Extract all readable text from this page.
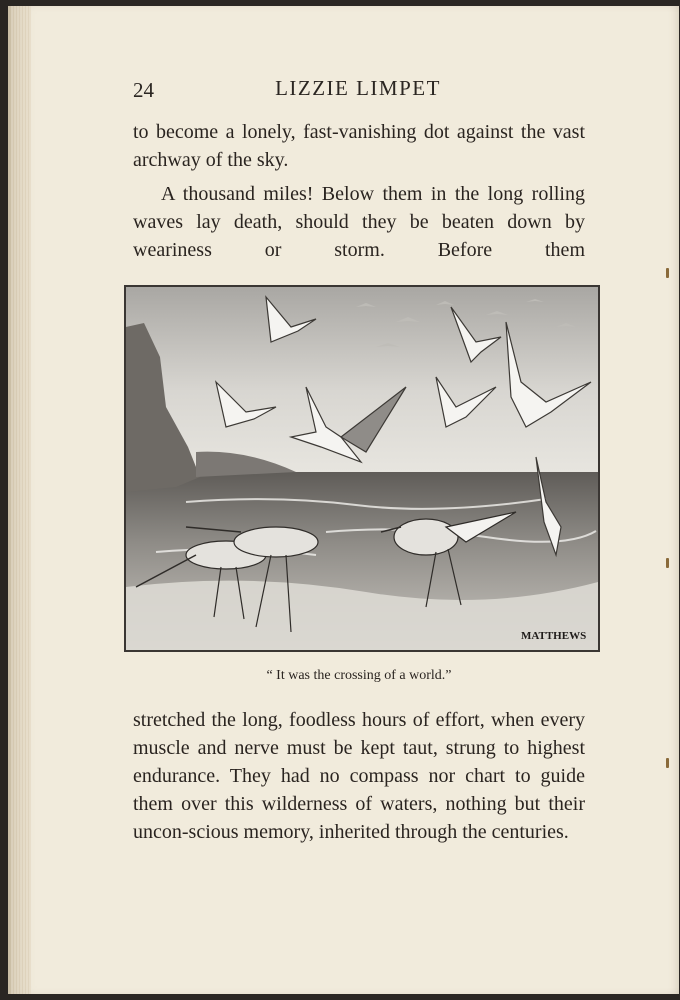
24	LIZZIE LIMPET

to become a lonely, fast-vanishing dot against the vast archway of the sky.

A thousand miles! Below them in the long rolling waves lay death, should they be beaten down by weariness or storm. Before them

MATTHEWS
“ It was the crossing of a world.”

stretched the long, foodless hours of effort, when every muscle and nerve must be kept taut, strung to highest endurance. They had no compass nor chart to guide them over this wilderness of waters, nothing but their uncon-scious memory, inherited through the centuries.
